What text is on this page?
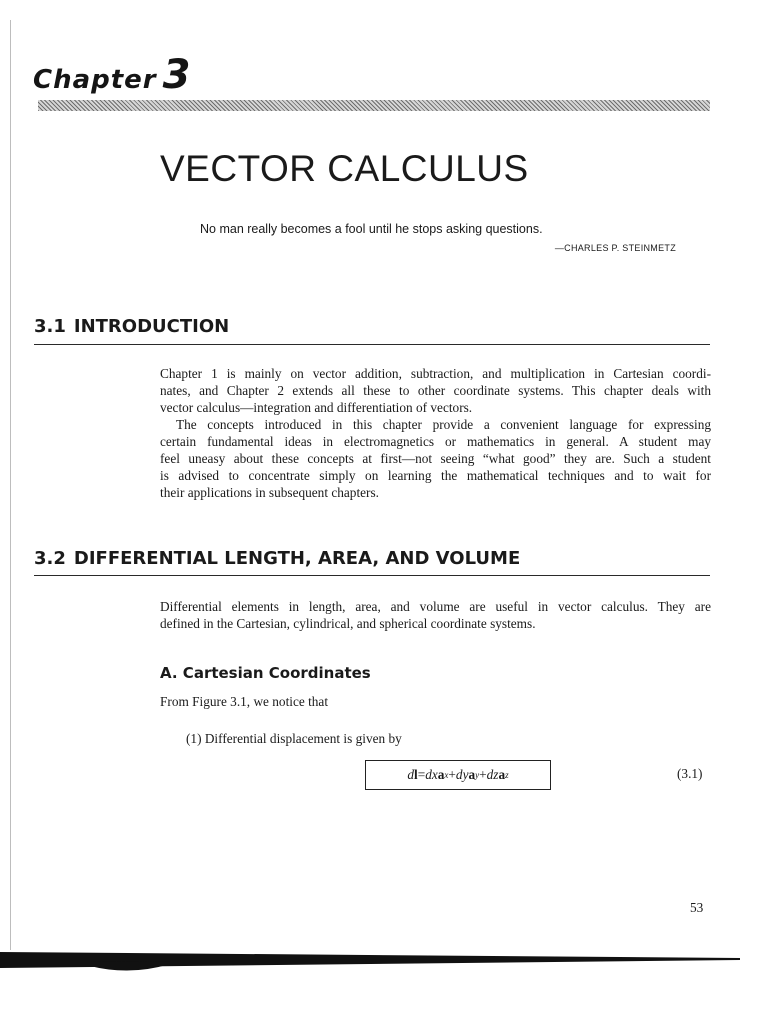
Chapter 3
VECTOR CALCULUS
No man really becomes a fool until he stops asking questions.
—CHARLES P. STEINMETZ
3.1 INTRODUCTION
Chapter 1 is mainly on vector addition, subtraction, and multiplication in Cartesian coordi-
nates, and Chapter 2 extends all these to other coordinate systems. This chapter deals with
vector calculus—integration and differentiation of vectors.
The concepts introduced in this chapter provide a convenient language for expressing
certain fundamental ideas in electromagnetics or mathematics in general. A student may
feel uneasy about these concepts at first—not seeing “what good” they are. Such a student
is advised to concentrate simply on learning the mathematical techniques and to wait for
their applications in subsequent chapters.
3.2 DIFFERENTIAL LENGTH, AREA, AND VOLUME
Differential elements in length, area, and volume are useful in vector calculus. They are
defined in the Cartesian, cylindrical, and spherical coordinate systems.
A. Cartesian Coordinates
From Figure 3.1, we notice that
(1) Differential displacement is given by
d l = dx a x + dy a y + dz a z	(3.1)
53
